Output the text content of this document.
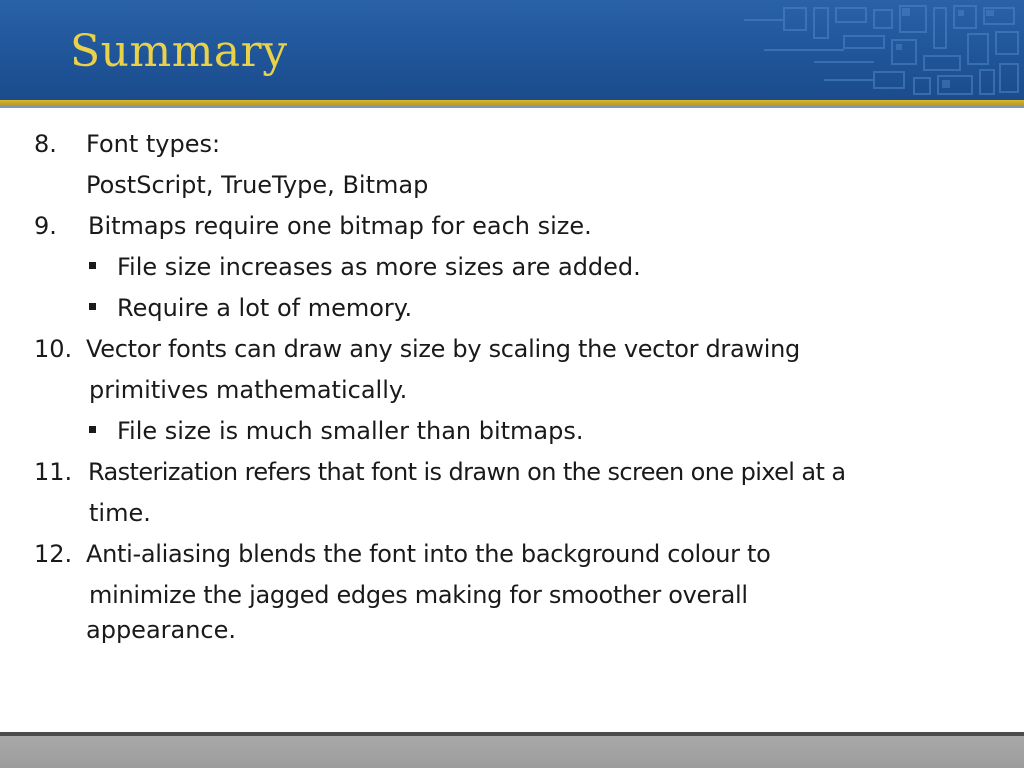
Summary
8. Font types:
PostScript, TrueType, Bitmap
9. Bitmaps require one bitmap for each size.
File size increases as more sizes are added.
Require a lot of memory.
10. Vector fonts can draw any size by scaling the vector drawing
primitives mathematically.
File size is much smaller than bitmaps.
11. Rasterization refers that font is drawn on the screen one pixel at a
time.
12. Anti-aliasing blends the font into the background colour to
minimize the jagged edges making for smoother overall
appearance.
